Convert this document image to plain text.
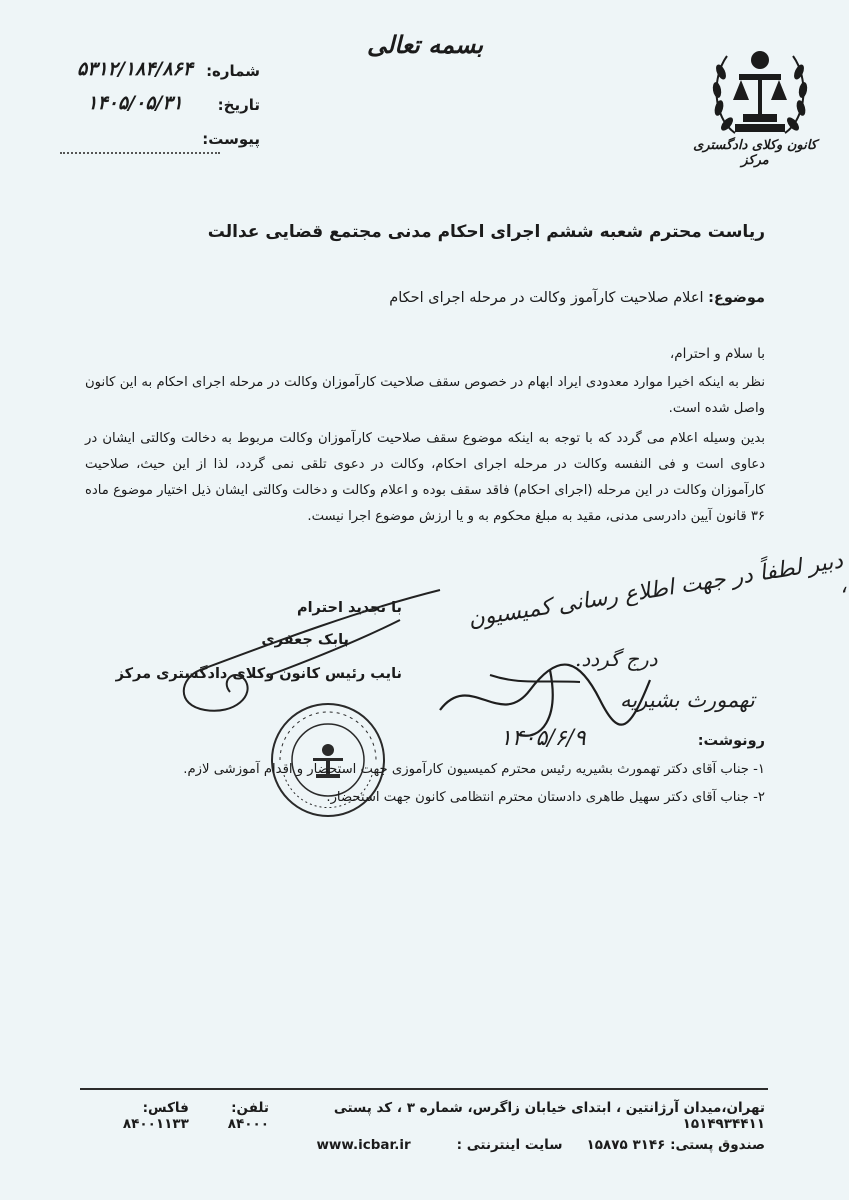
بسمه تعالی
شماره:
۵۳۱۲/۱۸۴/۸۶۴
تاریخ:
۱۴۰۵/۰۵/۳۱
پیوست:	کانون وکلای دادگستری مرکز
ریاست محترم شعبه ششم اجرای احکام مدنی مجتمع قضایی عدالت
موضوع: اعلام صلاحیت کارآموز وکالت در مرحله اجرای احکام
با سلام و احترام،
نظر به اینکه اخیرا موارد معدودی ایراد ابهام در خصوص سقف صلاحیت کارآموزان وکالت در مرحله اجرای احکام به این کانون واصل شده است.
بدین وسیله اعلام می گردد که با توجه به اینکه موضوع سقف صلاحیت کارآموزان وکالت مربوط به دخالت وکالتی ایشان در دعاوی است و فی النفسه وکالت در مرحله اجرای احکام، وکالت در دعوی تلقی نمی گردد، لذا از این حیث، صلاحیت کارآموزان وکالت در این مرحله (اجرای احکام) فاقد سقف بوده و اعلام وکالت و دخالت وکالتی ایشان ذیل اختیار موضوع ماده ۳۶ قانون آیین دادرسی مدنی، مقید به مبلغ محکوم به و یا ارزش موضوع اجرا نیست.
دبیر لطفاً در جهت اطلاع رسانی کمیسیون ،
درج گردد.
تهمورث بشیریه
۱۴۰۵/۶/۹
با تجدید احترام
بابک جعفری
نایب رئیس کانون وکلای دادگستری مرکز
رونوشت:
۱- جناب آقای دکتر تهمورث بشیریه رئیس محترم کمیسیون کارآموزی جهت استحضار و اقدام آموزشی لازم.
۲- جناب آقای دکتر سهیل طاهری دادستان محترم انتظامی کانون جهت استحضار.
تهران،میدان آرژانتین ، ابتدای خیابان زاگرس، شماره ۳ ، کد پستی ۱۵۱۴۹۳۴۴۱۱
تلفن: ۸۴۰۰۰
فاکس: ۸۴۰۰۱۱۳۳
صندوق پستی: ۳۱۴۶ ۱۵۸۷۵
سایت اینترنتی :
www.icbar.ir
